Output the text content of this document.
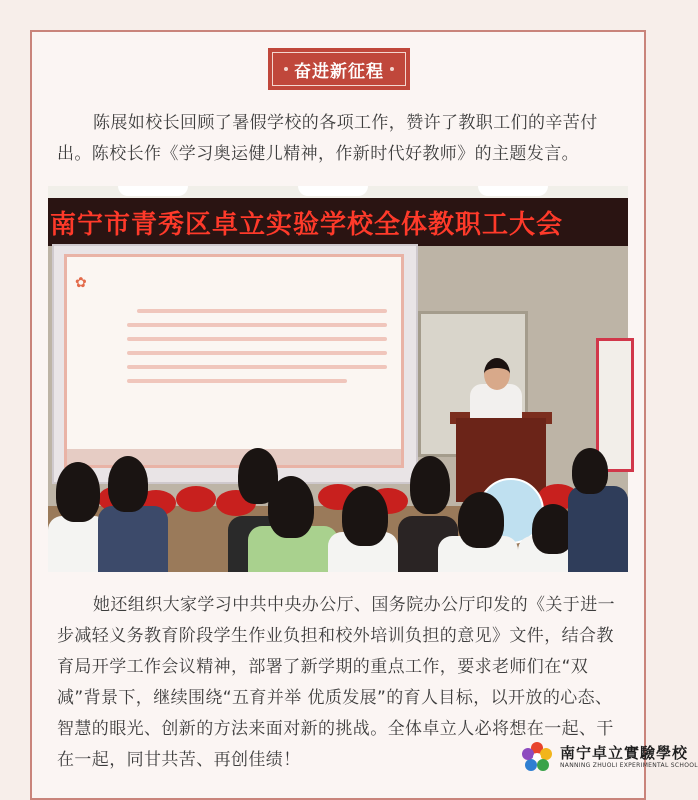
奋进新征程

陈展如校长回顾了暑假学校的各项工作，赞许了教职工们的辛苦付出。陈校长作《学习奥运健儿精神，作新时代好教师》的主题发言。

南宁市青秀区卓立实验学校全体教职工大会
✿

她还组织大家学习中共中央办公厅、国务院办公厅印发的《关于进一步减轻义务教育阶段学生作业负担和校外培训负担的意见》文件，结合教育局开学工作会议精神，部署了新学期的重点工作，要求老师们在“双减”背景下，继续围绕“五育并举 优质发展”的育人目标，以开放的心态、智慧的眼光、创新的方法来面对新的挑战。全体卓立人必将想在一起、干在一起，同甘共苦、再创佳绩！	南宁卓立實驗學校
NANNING ZHUOLI EXPERIMENTAL SCHOOL
